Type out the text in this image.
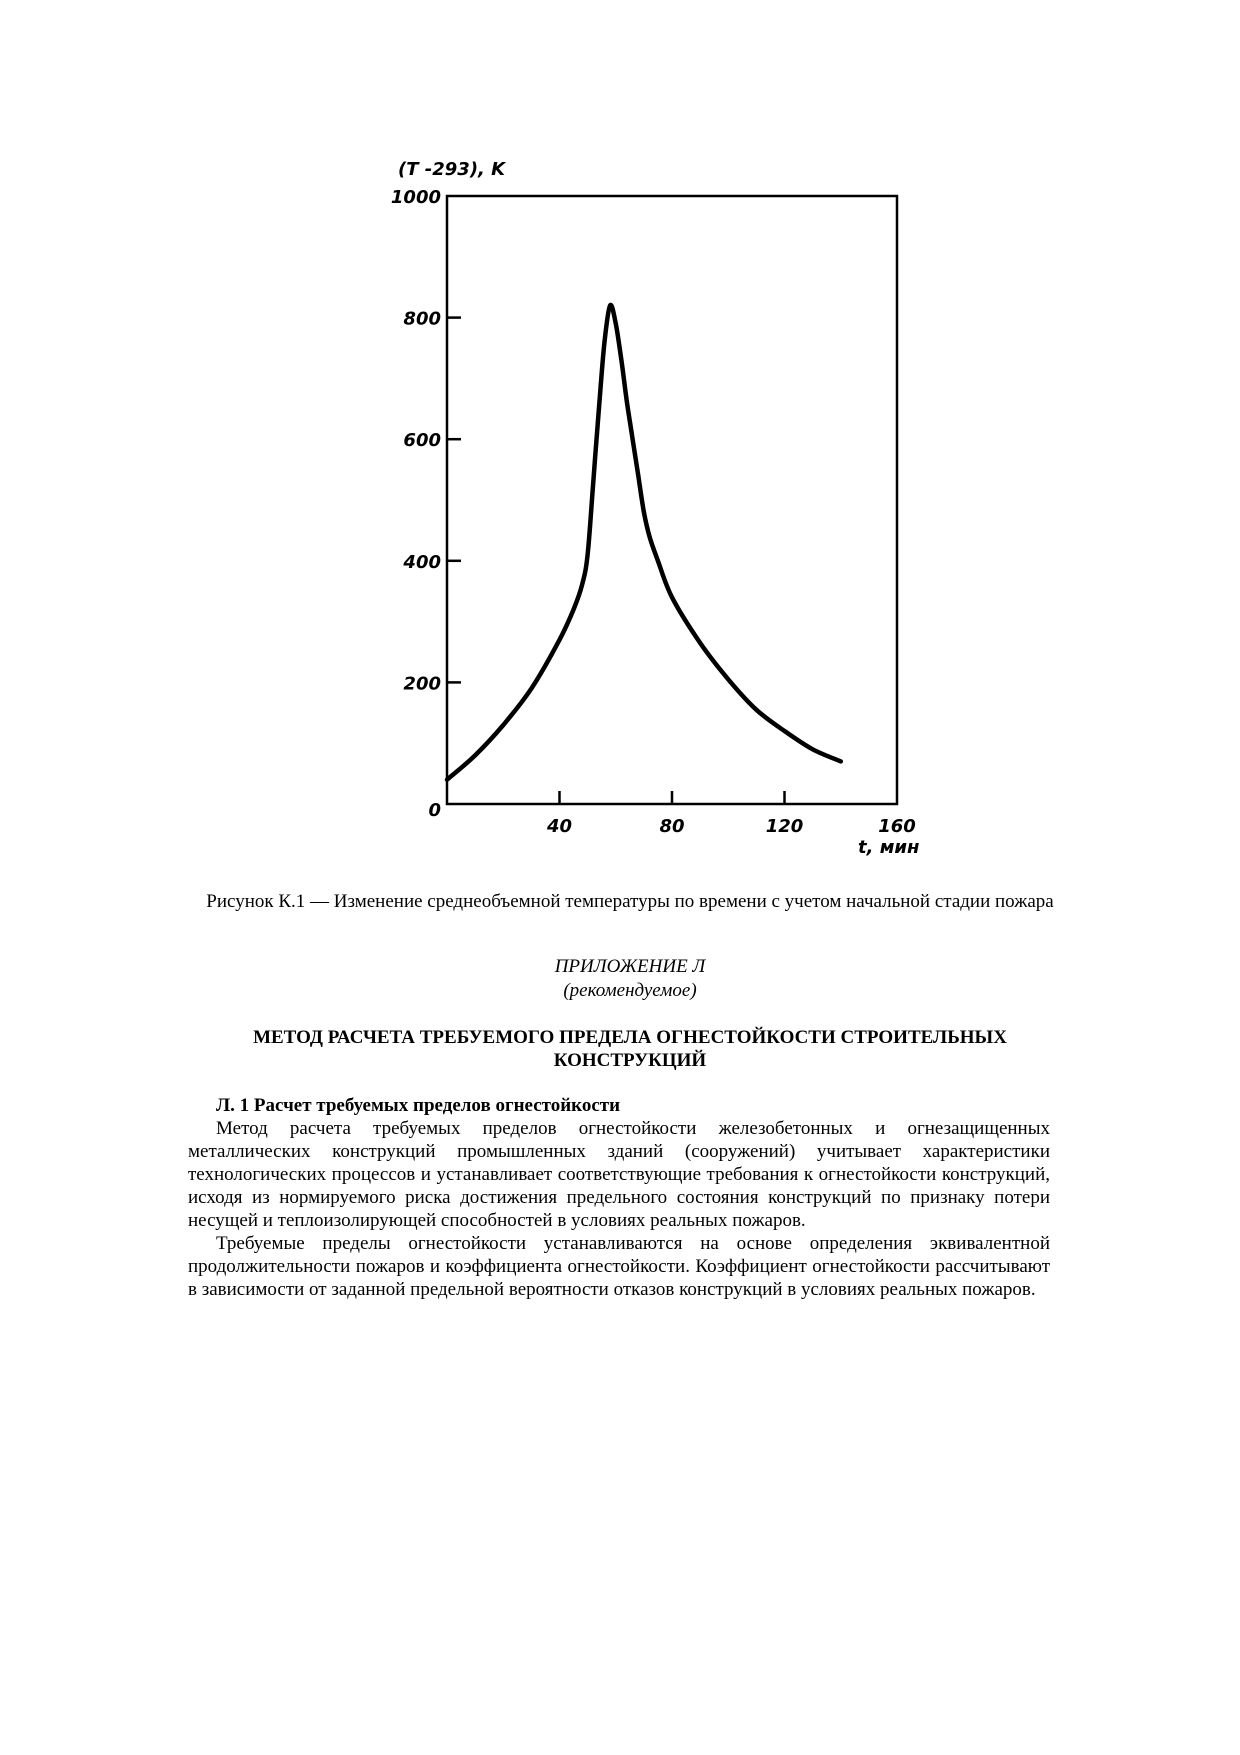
(T -293), K
0
200
400
600
800
1000
40	80	120	160
t, мин
Рисунок К.1 — Изменение среднеобъемной температуры по времени с учетом начальной стадии пожара
ПРИЛОЖЕНИЕ Л
(рекомендуемое)
МЕТОД РАСЧЕТА ТРЕБУЕМОГО ПРЕДЕЛА ОГНЕСТОЙКОСТИ СТРОИТЕЛЬНЫХ КОНСТРУКЦИЙ
Л. 1 Расчет требуемых пределов огнестойкости

Метод расчета требуемых пределов огнестойкости железобетонных и огнезащищенных металлических конструкций промышленных зданий (сооружений) учитывает характеристики технологических процессов и устанавливает соответствующие требования к огнестойкости конструкций, исходя из нормируемого риска достижения предельного состояния конструкций по признаку потери несущей и теплоизолирующей способностей в условиях реальных пожаров.

Требуемые пределы огнестойкости устанавливаются на основе определения эквивалентной продолжительности пожаров и коэффициента огнестойкости. Коэффициент огнестойкости рассчитывают в зависимости от заданной предельной вероятности отказов конструкций в условиях реальных пожаров.
